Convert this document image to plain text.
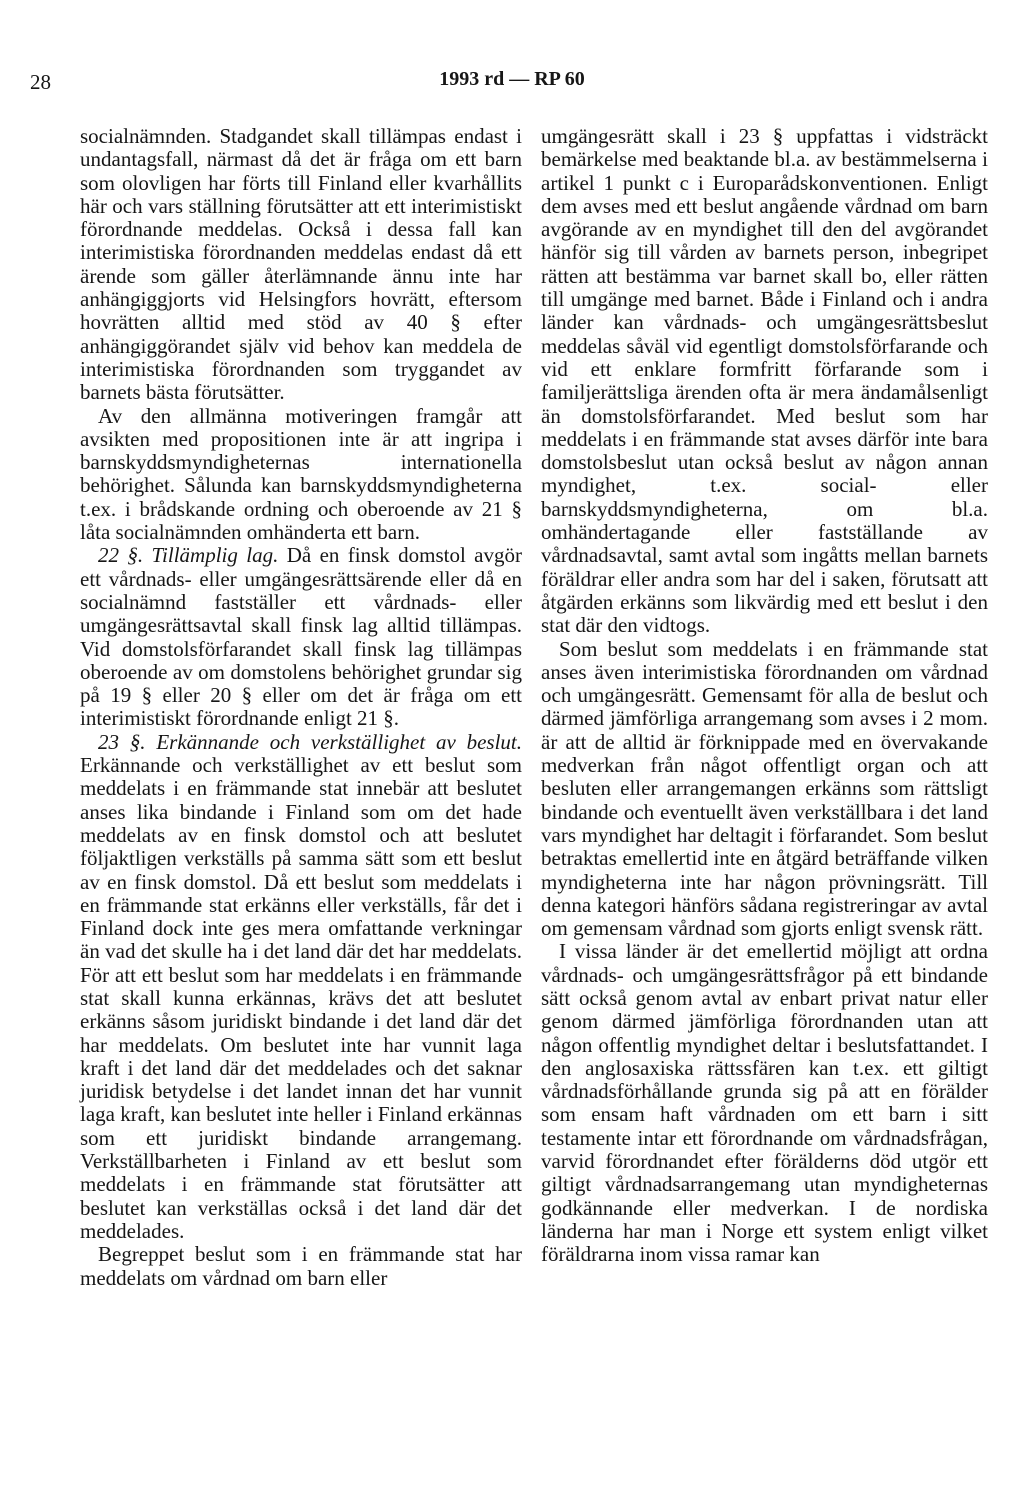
28	1993 rd — RP 60

socialnämnden. Stadgandet skall tillämpas endast i undantagsfall, närmast då det är fråga om ett barn som olovligen har förts till Finland eller kvarhållits här och vars ställning förutsätter att ett interimistiskt förordnande meddelas. Också i dessa fall kan interimistiska förordnanden meddelas endast då ett ärende som gäller återlämnande ännu inte har anhängiggjorts vid Helsingfors hovrätt, eftersom hovrätten alltid med stöd av 40 § efter anhängiggörandet själv vid behov kan meddela de interimistiska förordnanden som tryggandet av barnets bästa förutsätter.

Av den allmänna motiveringen framgår att avsikten med propositionen inte är att ingripa i barnskyddsmyndigheternas internationella behörighet. Sålunda kan barnskyddsmyndigheterna t.ex. i brådskande ordning och oberoende av 21 § låta socialnämnden omhänderta ett barn.

22 §. Tillämplig lag. Då en finsk domstol avgör ett vårdnads- eller umgängesrättsärende eller då en socialnämnd fastställer ett vårdnads- eller umgängesrättsavtal skall finsk lag alltid tillämpas. Vid domstolsförfarandet skall finsk lag tillämpas oberoende av om domstolens behörighet grundar sig på 19 § eller 20 § eller om det är fråga om ett interimistiskt förordnande enligt 21 §.

23 §. Erkännande och verkställighet av beslut. Erkännande och verkställighet av ett beslut som meddelats i en främmande stat innebär att beslutet anses lika bindande i Finland som om det hade meddelats av en finsk domstol och att beslutet följaktligen verkställs på samma sätt som ett beslut av en finsk domstol. Då ett beslut som meddelats i en främmande stat erkänns eller verkställs, får det i Finland dock inte ges mera omfattande verkningar än vad det skulle ha i det land där det har meddelats. För att ett beslut som har meddelats i en främmande stat skall kunna erkännas, krävs det att beslutet erkänns såsom juridiskt bindande i det land där det har meddelats. Om beslutet inte har vunnit laga kraft i det land där det meddelades och det saknar juridisk betydelse i det landet innan det har vunnit laga kraft, kan beslutet inte heller i Finland erkännas som ett juridiskt bindande arrangemang. Verkställbarheten i Finland av ett beslut som meddelats i en främmande stat förutsätter att beslutet kan verkställas också i det land där det meddelades.

Begreppet beslut som i en främmande stat har meddelats om vårdnad om barn eller

umgängesrätt skall i 23 § uppfattas i vidsträckt bemärkelse med beaktande bl.a. av bestämmelserna i artikel 1 punkt c i Europarådskonventionen. Enligt dem avses med ett beslut angående vårdnad om barn avgörande av en myndighet till den del avgörandet hänför sig till vården av barnets person, inbegripet rätten att bestämma var barnet skall bo, eller rätten till umgänge med barnet. Både i Finland och i andra länder kan vårdnads- och umgängesrättsbeslut meddelas såväl vid egentligt domstolsförfarande och vid ett enklare formfritt förfarande som i familjerättsliga ärenden ofta är mera ändamålsenligt än domstolsförfarandet. Med beslut som har meddelats i en främmande stat avses därför inte bara domstolsbeslut utan också beslut av någon annan myndighet, t.ex. social- eller barnskyddsmyndigheterna, om bl.a. omhändertagande eller fastställande av vårdnadsavtal, samt avtal som ingåtts mellan barnets föräldrar eller andra som har del i saken, förutsatt att åtgärden erkänns som likvärdig med ett beslut i den stat där den vidtogs.

Som beslut som meddelats i en främmande stat anses även interimistiska förordnanden om vårdnad och umgängesrätt. Gemensamt för alla de beslut och därmed jämförliga arrangemang som avses i 2 mom. är att de alltid är förknippade med en övervakande medverkan från något offentligt organ och att besluten eller arrangemangen erkänns som rättsligt bindande och eventuellt även verkställbara i det land vars myndighet har deltagit i förfarandet. Som beslut betraktas emellertid inte en åtgärd beträffande vilken myndigheterna inte har någon prövningsrätt. Till denna kategori hänförs sådana registreringar av avtal om gemensam vårdnad som gjorts enligt svensk rätt.

I vissa länder är det emellertid möjligt att ordna vårdnads- och umgängesrättsfrågor på ett bindande sätt också genom avtal av enbart privat natur eller genom därmed jämförliga förordnanden utan att någon offentlig myndighet deltar i beslutsfattandet. I den anglosaxiska rättssfären kan t.ex. ett giltigt vårdnadsförhållande grunda sig på att en förälder som ensam haft vårdnaden om ett barn i sitt testamente intar ett förordnande om vårdnadsfrågan, varvid förordnandet efter förälderns död utgör ett giltigt vårdnadsarrangemang utan myndigheternas godkännande eller medverkan. I de nordiska länderna har man i Norge ett system enligt vilket föräldrarna inom vissa ramar kan
